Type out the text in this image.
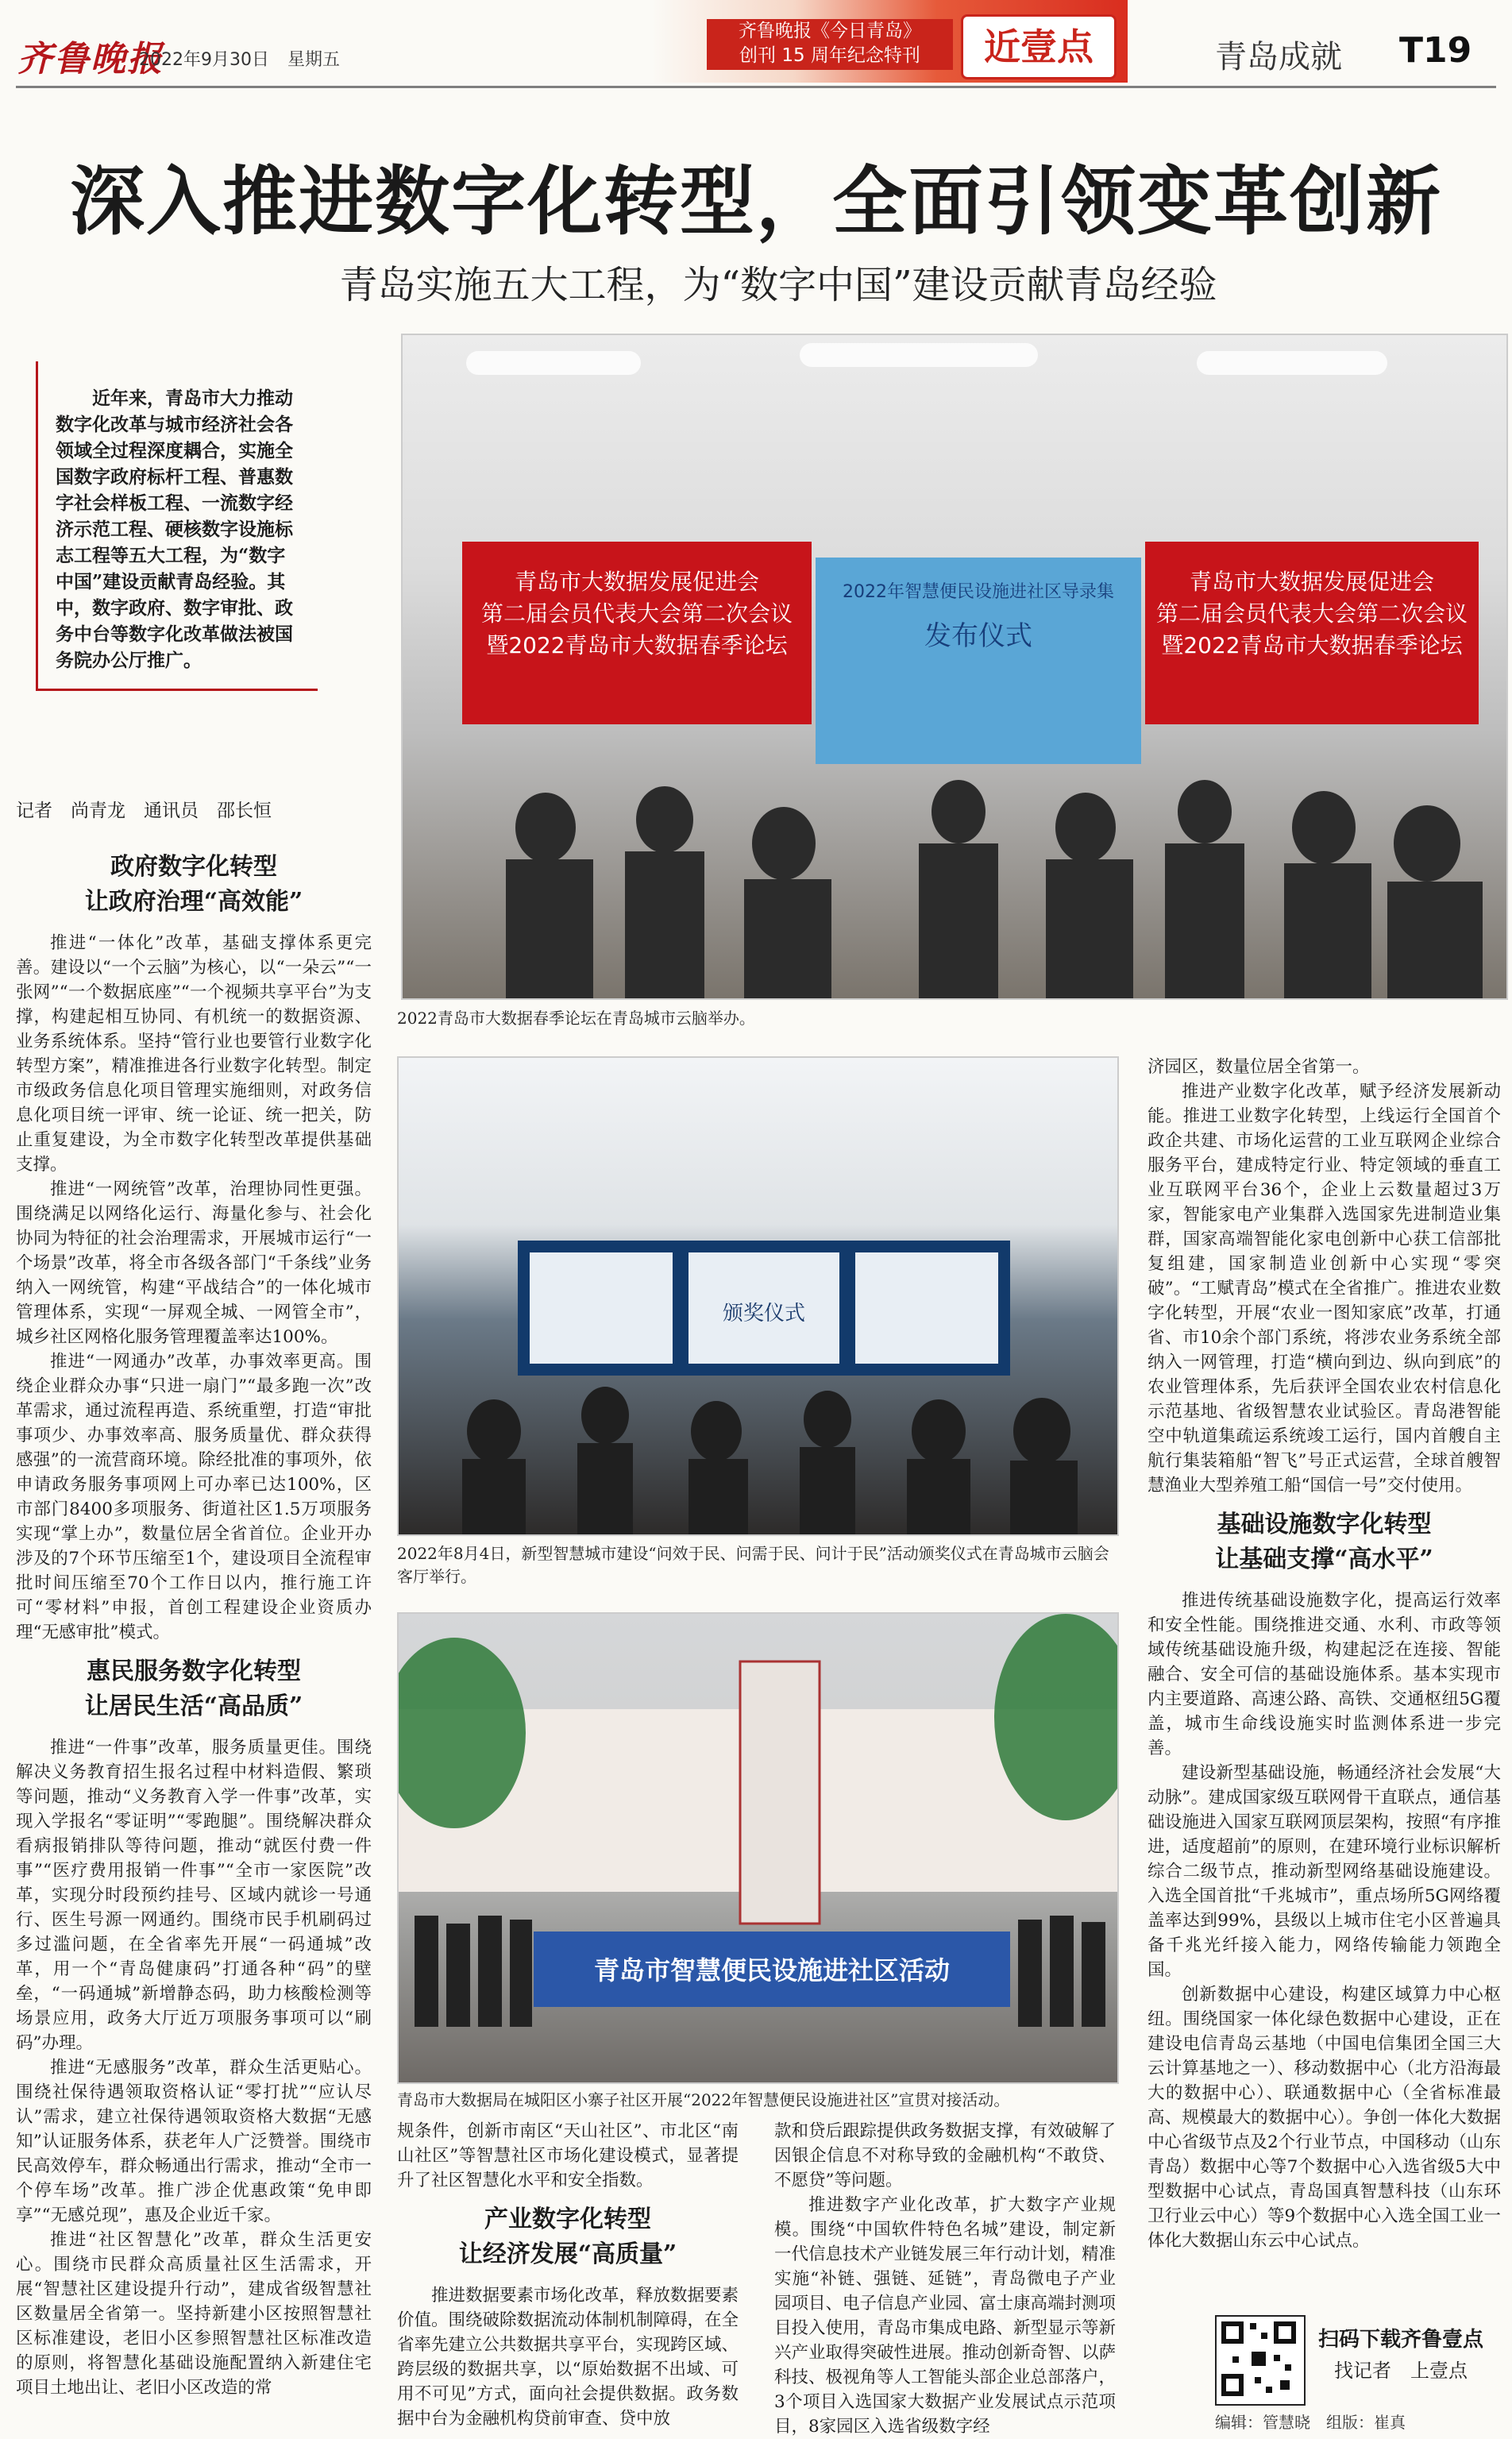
齐鲁晚报
2022年9月30日 星期五
齐鲁晚报《今日青岛》
创刊 15 周年纪念特刊	近壹点	青岛成就 T19
深入推进数字化转型，全面引领变革创新
青岛实施五大工程，为“数字中国”建设贡献青岛经验
近年来，青岛市大力推动数字化改革与城市经济社会各领域全过程深度耦合，实施全国数字政府标杆工程、普惠数字社会样板工程、一流数字经济示范工程、硬核数字设施标志工程等五大工程，为“数字中国”建设贡献青岛经验。其中，数字政府、数字审批、政务中台等数字化改革做法被国务院办公厅推广。
记者　尚青龙　通讯员　邵长恒
政府数字化转型
让政府治理“高效能”

推进“一体化”改革，基础支撑体系更完善。建设以“一个云脑”为核心，以“一朵云”“一张网”“一个数据底座”“一个视频共享平台”为支撑，构建起相互协同、有机统一的数据资源、业务系统体系。坚持“管行业也要管行业数字化转型方案”，精准推进各行业数字化转型。制定市级政务信息化项目管理实施细则，对政务信息化项目统一评审、统一论证、统一把关，防止重复建设，为全市数字化转型改革提供基础支撑。

推进“一网统管”改革，治理协同性更强。围绕满足以网络化运行、海量化参与、社会化协同为特征的社会治理需求，开展城市运行“一个场景”改革，将全市各级各部门“千条线”业务纳入一网统管，构建“平战结合”的一体化城市管理体系，实现“一屏观全城、一网管全市”，城乡社区网格化服务管理覆盖率达100%。

推进“一网通办”改革，办事效率更高。围绕企业群众办事“只进一扇门”“最多跑一次”改革需求，通过流程再造、系统重塑，打造“审批事项少、办事效率高、服务质量优、群众获得感强”的一流营商环境。除经批准的事项外，依申请政务服务事项网上可办率已达100%，区市部门8400多项服务、街道社区1.5万项服务实现“掌上办”，数量位居全省首位。企业开办涉及的7个环节压缩至1个，建设项目全流程审批时间压缩至70个工作日以内，推行施工许可“零材料”申报，首创工程建设企业资质办理“无感审批”模式。

惠民服务数字化转型
让居民生活“高品质”

推进“一件事”改革，服务质量更佳。围绕解决义务教育招生报名过程中材料造假、繁琐等问题，推动“义务教育入学一件事”改革，实现入学报名“零证明”“零跑腿”。围绕解决群众看病报销排队等待问题，推动“就医付费一件事”“医疗费用报销一件事”“全市一家医院”改革，实现分时段预约挂号、区域内就诊一号通行、医生号源一网通约。围绕市民手机刷码过多过滥问题，在全省率先开展“一码通城”改革，用一个“青岛健康码”打通各种“码”的壁垒，“一码通城”新增静态码，助力核酸检测等场景应用，政务大厅近万项服务事项可以“刷码”办理。

推进“无感服务”改革，群众生活更贴心。围绕社保待遇领取资格认证“零打扰”“应认尽认”需求，建立社保待遇领取资格大数据“无感知”认证服务体系，获老年人广泛赞誉。围绕市民高效停车，群众畅通出行需求，推动“全市一个停车场”改革。推广涉企优惠政策“免申即享”“无感兑现”，惠及企业近千家。

推进“社区智慧化”改革，群众生活更安心。围绕市民群众高质量社区生活需求，开展“智慧社区建设提升行动”，建成省级智慧社区数量居全省第一。坚持新建小区按照智慧社区标准建设，老旧小区参照智慧社区标准改造的原则，将智慧化基础设施配置纳入新建住宅项目土地出让、老旧小区改造的常

青岛市大数据发展促进会
第二届会员代表大会第二次会议
暨2022青岛市大数据春季论坛
青岛市大数据发展促进会
第二届会员代表大会第二次会议
暨2022青岛市大数据春季论坛
2022年智慧便民设施进社区导录集
发布仪式
2022青岛市大数据春季论坛在青岛城市云脑举办。
颁奖仪式
2022年8月4日，新型智慧城市建设“问效于民、问需于民、问计于民”活动颁奖仪式在青岛城市云脑会客厅举行。
青岛市智慧便民设施进社区活动
青岛市大数据局在城阳区小寨子社区开展“2022年智慧便民设施进社区”宣贯对接活动。

规条件，创新市南区“天山社区”、市北区“南山社区”等智慧社区市场化建设模式，显著提升了社区智慧化水平和安全指数。

产业数字化转型
让经济发展“高质量”

推进数据要素市场化改革，释放数据要素价值。围绕破除数据流动体制机制障碍，在全省率先建立公共数据共享平台，实现跨区域、跨层级的数据共享，以“原始数据不出域、可用不可见”方式，面向社会提供数据。政务数据中台为金融机构贷前审查、贷中放

款和贷后跟踪提供政务数据支撑，有效破解了因银企信息不对称导致的金融机构“不敢贷、不愿贷”等问题。

推进数字产业化改革，扩大数字产业规模。围绕“中国软件特色名城”建设，制定新一代信息技术产业链发展三年行动计划，精准实施“补链、强链、延链”，青岛微电子产业园项目、电子信息产业园、富士康高端封测项目投入使用，青岛市集成电路、新型显示等新兴产业取得突破性进展。推动创新奇智、以萨科技、极视角等人工智能头部企业总部落户，3个项目入选国家大数据产业发展试点示范项目，8家园区入选省级数字经

济园区，数量位居全省第一。

推进产业数字化改革，赋予经济发展新动能。推进工业数字化转型，上线运行全国首个政企共建、市场化运营的工业互联网企业综合服务平台，建成特定行业、特定领域的垂直工业互联网平台36个，企业上云数量超过3万家，智能家电产业集群入选国家先进制造业集群，国家高端智能化家电创新中心获工信部批复组建，国家制造业创新中心实现“零突破”。“工赋青岛”模式在全省推广。推进农业数字化转型，开展“农业一图知家底”改革，打通省、市10余个部门系统，将涉农业务系统全部纳入一网管理，打造“横向到边、纵向到底”的农业管理体系，先后获评全国农业农村信息化示范基地、省级智慧农业试验区。青岛港智能空中轨道集疏运系统竣工运行，国内首艘自主航行集装箱船“智飞”号正式运营，全球首艘智慧渔业大型养殖工船“国信一号”交付使用。

基础设施数字化转型
让基础支撑“高水平”

推进传统基础设施数字化，提高运行效率和安全性能。围绕推进交通、水利、市政等领域传统基础设施升级，构建起泛在连接、智能融合、安全可信的基础设施体系。基本实现市内主要道路、高速公路、高铁、交通枢纽5G覆盖，城市生命线设施实时监测体系进一步完善。

建设新型基础设施，畅通经济社会发展“大动脉”。建成国家级互联网骨干直联点，通信基础设施进入国家互联网顶层架构，按照“有序推进，适度超前”的原则，在建环境行业标识解析综合二级节点，推动新型网络基础设施建设。入选全国首批“千兆城市”，重点场所5G网络覆盖率达到99%，县级以上城市住宅小区普遍具备千兆光纤接入能力，网络传输能力领跑全国。

创新数据中心建设，构建区域算力中心枢纽。围绕国家一体化绿色数据中心建设，正在建设电信青岛云基地（中国电信集团全国三大云计算基地之一）、移动数据中心（北方沿海最大的数据中心）、联通数据中心（全省标准最高、规模最大的数据中心）。争创一体化大数据中心省级节点及2个行业节点，中国移动（山东青岛）数据中心等7个数据中心入选省级5大中型数据中心试点，青岛国真智慧科技（山东环卫行业云中心）等9个数据中心入选全国工业一体化大数据山东云中心试点。

扫码下载齐鲁壹点
找记者　上壹点
编辑：管慧晓　组版：崔真
